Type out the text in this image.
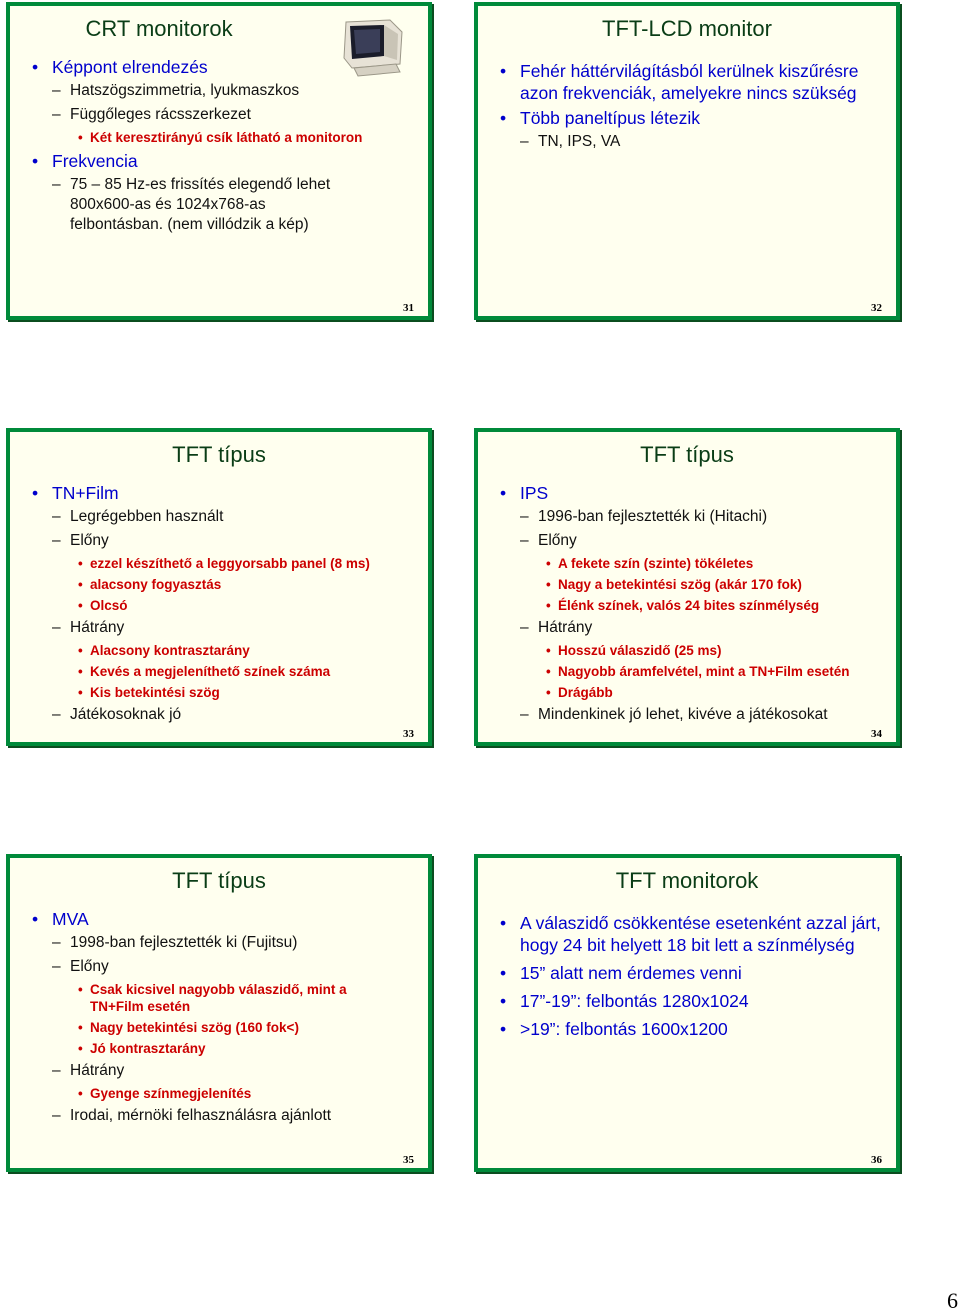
CRT monitorok
• Képpont elrendezés
– Hatszögszimmetria, lyukmaszkos
– Függőleges rácsszerkezet
• Két keresztirányú csík látható a monitoron
• Frekvencia
– 75 – 85 Hz-es frissítés elegendő lehet 800x600-as és 1024x768-as felbontásban. (nem villódzik a kép)
31
TFT-LCD monitor
• Fehér háttérvilágításból kerülnek kiszűrésre azon frekvenciák, amelyekre nincs szükség
• Több paneltípus létezik
– TN, IPS, VA
32
TFT típus
• TN+Film
– Legrégebben használt
– Előny
• ezzel készíthető a leggyorsabb panel (8 ms)
• alacsony fogyasztás
• Olcsó
– Hátrány
• Alacsony kontrasztarány
• Kevés a megjeleníthető színek száma
• Kis betekintési szög
– Játékosoknak jó
33
TFT típus
• IPS
– 1996-ban fejlesztették ki (Hitachi)
– Előny
• A fekete szín (szinte) tökéletes
• Nagy a betekintési szög (akár 170 fok)
• Élénk színek, valós 24 bites színmélység
– Hátrány
• Hosszú válaszidő (25 ms)
• Nagyobb áramfelvétel, mint a TN+Film esetén
• Drágább
– Mindenkinek jó lehet, kivéve a játékosokat
34
TFT típus
• MVA
– 1998-ban fejlesztették ki (Fujitsu)
– Előny
• Csak kicsivel nagyobb válaszidő, mint a TN+Film esetén
• Nagy betekintési szög (160 fok<)
• Jó kontrasztarány
– Hátrány
• Gyenge színmegjelenítés
– Irodai, mérnöki felhasználásra ajánlott
35
TFT monitorok
• A válaszidő csökkentése esetenként azzal járt, hogy 24 bit helyett 18 bit lett a színmélység
• 15” alatt nem érdemes venni
• 17”-19”: felbontás 1280x1024
• >19”: felbontás 1600x1200
36
6
